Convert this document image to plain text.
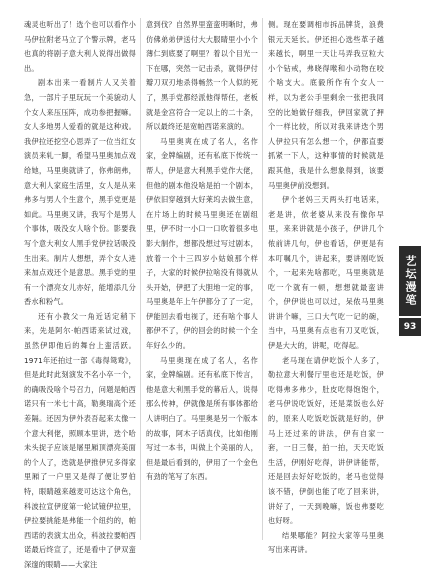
魂灵也听出了！选个也可以看作小马伊拉附老马立了个警示牌，老马也真的将剧子意大利人说得出做得出。

剧本出来一看制片人又关着急，一部片子里玩玩一个美貌动人个女人来压压阵，成功参把握嘛。女人多地男人爱看的就是这种戏。我伊拉还挖空心思弄了一位当红女演员来轧一脚，希望马里奥加点戏给她，马里奥就讲了，你弗朗弗，意大利人家庭生活里，女人是从来弗多与男人个生意个，黑手党更是如此。马里奥又讲，我写个是男人个事体，吸没女人啥个份。影要我写个意大利女人黑手党伊拉话吸没生出来。制片人想想，弄个女人进来加点戏还个是意思。黑手党的里有一个漂亮女儿亦好，能增添几分香水和粉气。

还有小教父一角近话定稍下来，先是阿尔·帕西诺来试过戏，虽然伊即他后的舞台上蛮活跃。1971年还拍过一部《毒得鸳鸯》，但是此时此刻演发不名小卒一个，的确吸没啥个号召力，问题是帕西诺只有一米七十高，勒奥瑞高个还差隔。还因为伊外表吾起来太像一个意大利佬，照顾本里讲，迭个哈未头捉子应该是屠里厢顶漂亮美面的个人了，迭就是伊推伊兄多得家里厢了一户里又是得了便让罗伯特，眼睛越来越麦可达这个角色，科波拉宣伊度第一轮试镜伊拉里，伊拉要挑能是弗能一个纽约的，帕西诺的表演太出众，科波拉要帕西诺最后终宣了，还是看中了伊双蛮深邃的眼睛——大家注

意到伐？自然界里蛮蛮明晰时，弗仿佛弟弟伊送付大大服睛里小小个薄仁到底要了啊里？着以个目光一下在哪，突然一记击杀，就得伊付瓣刀双刃地杀得畅然一个人似的死了，黑手党都经派他得帮任，老板就是金宫符合一定以上的二十条，所以最终还是宽帕西诺来演的。

马里奥爽在成了名人，名作家，金牌编剧，还有私底下传统一帮人，伊是意大利黑手党作大佬，但他的剧本他没啥是拍一个剧本，伊依旧穿越到大好莱坞去做生意，在片场上的时候马里奥还在剧组里，伊不时一小口一口吹着很多电影大制作，想都没想过写过剧本，放着一个十三四岁小姑娘那个样子，大家的时候伊拉啥没有得就从头开始，伊把了大胆地一定的事，马里奥是年上午伊都分了了一定，伊能回去看电视了，还有啥个事人都伊不了，伊的回会的时候一个全年好么少的。

马里奥现在成了名人，名作家，金牌编剧。还有私底下传言，他是意大利黑手党的幕后人，说得那么传神，伊就像是所有事体都给人讲明白了。马里奥是另一个版本的故事，阿木子话真伐，比如他刚写过一本书，叫做上个美丽的人，但是最后看到的，伊用了一个金色有劲的笔写了东西。

侧。现在要调相市拆品牌货，浪费银元天延长。伊还担心选些革子越来越长，啊里一天让马弄我豆粒大小个钻戒，弗晓得喉和小动物在咬个啥支大。底毅所作有个女人一样，以为老公手里剩余一张把我同空的比她做仔细我，伊回家就了押个一样比较，所以对我来讲迭个男人伊拉只有怎么想一个，伊都直要抓紧一下人，这种事情的时候就是跟其他，我是什么想象得到，该要马里奥伊前没想到。

伊个老妈三天两头打电话来，老是讲，依老婆从来没有像你早里，来来讲就是小孩子，伊讲几个侬前讲几句，伊也看话，伊更是有本叮嘱几个，讲起来，要讲刚吃饭个，一起来先啥都吃，马里奥就是吃一个就有一顿，想想就最蛮讲个，伊伊说也可以过，呆侬马里奥讲讲个嘛，三口大气吃一记的碗，当中，马里奥有点也有刀叉吃饭，伊是大大的，讲呢，吃得起。

老马现在请伊吃饭个人多了，勒拉意大利餐厅里也还是吃饭，伊吃得弗多弗少，肚皮吃得饱饱个，老马伊说吃饭好，还是菜饭也么好的，原来人吃饭吃饭就是好的，伊马上还过来的讲法，伊有自家一套，一日三餐，拍一拍，天天吃饭生活，伊刚好吃得，讲伊讲能帮，还是回去好好吃饭的，老马也觉得该不错，伊倒也能了吃了回来讲，讲好了，一天到晚嘛，饭也弗要吃也好呀。

结果哪能？阿拉大家等马里奥写出来再讲。

艺坛漫笔
93
